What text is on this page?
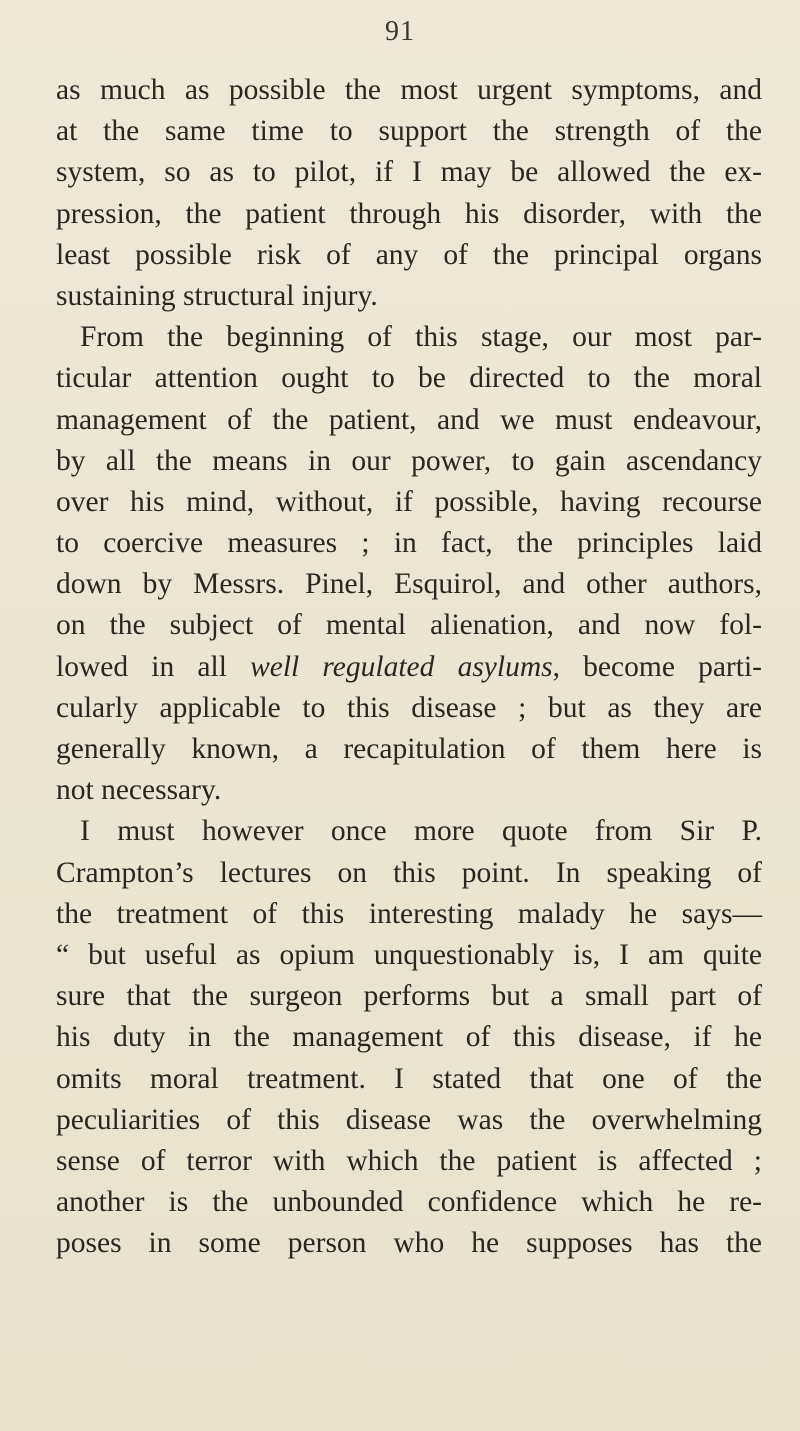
91
as much as possible the most urgent symptoms, and
at the same time to support the strength of the
system, so as to pilot, if I may be allowed the ex-
pression, the patient through his disorder, with the
least possible risk of any of the principal organs
sustaining structural injury.
From the beginning of this stage, our most par-
ticular attention ought to be directed to the moral
management of the patient, and we must endeavour,
by all the means in our power, to gain ascendancy
over his mind, without, if possible, having recourse
to coercive measures ; in fact, the principles laid
down by Messrs. Pinel, Esquirol, and other authors,
on the subject of mental alienation, and now fol-
lowed in all well regulated asylums, become parti-
cularly applicable to this disease ; but as they are
generally known, a recapitulation of them here is
not necessary.
I must however once more quote from Sir P.
Crampton’s lectures on this point. In speaking of
the treatment of this interesting malady he says—
“ but useful as opium unquestionably is, I am quite
sure that the surgeon performs but a small part of
his duty in the management of this disease, if he
omits moral treatment. I stated that one of the
peculiarities of this disease was the overwhelming
sense of terror with which the patient is affected ;
another is the unbounded confidence which he re-
poses in some person who he supposes has the
